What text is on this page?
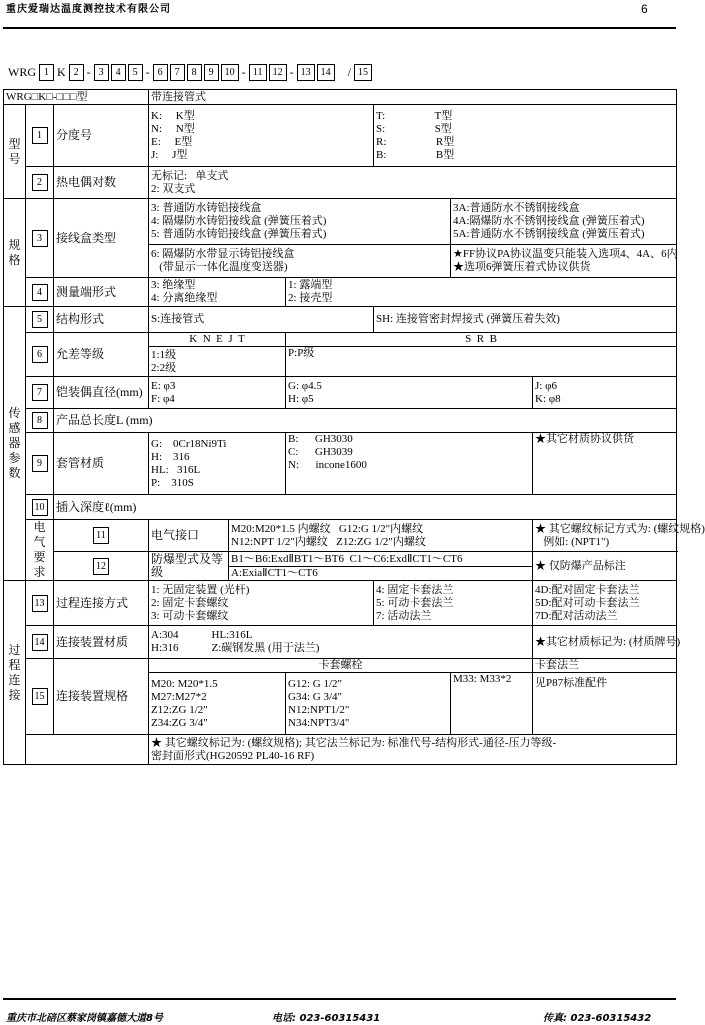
重庆爱瑞达温度测控技术有限公司	6
WRG 1 K 2 - 3	4	5 - 6	7	8	9	10 - 11	12 - 13	14	/ 15
WRG□K□-□□□型			带连接管式					
型
号	1	分度号	K:     K型
N:     N型
E:     E型
J:     J型			T:                  T型
S:                  S型
R:                  R型
B:                  B型		
	2	热电偶对数	无标记:   单支式
2: 双支式					
规
格	3	接线盒类型	3: 普通防水铸铝接线盒
4: 隔爆防水铸铝接线盒 (弹簧压着式)
5: 普通防水铸铝接线盒 (弹簧压着式)				3A:普通防水不锈钢接线盒
4A:隔爆防水不锈钢接线盒 (弹簧压着式)
5A:普通防水不锈钢接线盒 (弹簧压着式)	
			6: 隔爆防水带显示铸铝接线盒
(带显示一体化温度变送器)				★FF协议PA协议温变只能装入选项4、4A、6内
★选项6弹簧压着式协议供货	
	4	测量端形式	3: 绝缘型
4: 分离绝缘型		1: 露端型
2: 接壳型			
传
感
器
参
数	5	结构形式	S:连接管式			SH: 连接管密封焊接式 (弹簧压着失效)		
	6	允差等级	K  N  E  J  T		S  R  B			
			1:1级
2:2级		P:P级			
	7	铠装偶直径(mm)	E: φ3
F: φ4		G: φ4.5
H: φ5			J: φ6
K: φ8
	8	产品总长度L (mm)						
	9	套管材质	G:    0Cr18Ni9Ti
H:    316
HL:   316L
P:    310S		B:      GH3030
C:      GH3039
N:      incone1600			★其它材质协议供货
	10	插入深度ℓ(mm)						
	电
气
要
求	11	电气接口	M20:M20*1.5 内螺纹   G12:G 1/2"内螺纹
N12:NPT 1/2"内螺纹   Z12:ZG 1/2"内螺纹				★ 其它螺纹标记方式为: (螺纹规格)
例如: (NPT1")
		12	防爆型式及等级	B1～B6:ExdⅡBT1～BT6  C1～C6:ExdⅡCT1～CT6				★ 仅防爆产品标注
				A:ExiaⅡCT1～CT6				
过
程
连
接	13	过程连接方式	1: 无固定装置 (光杆)
2: 固定卡套螺纹
3: 可动卡套螺纹			4: 固定卡套法兰
5: 可动卡套法兰
7: 活动法兰		4D:配对固定卡套法兰
5D:配对可动卡套法兰
7D:配对活动法兰
	14	连接装置材质	A:304            HL:316L
H:316            Z:碳钢发黑 (用于法兰)					★其它材质标记为: (材质牌号)
	15	连接装置规格	卡套螺栓					卡套法兰
			M20: M20*1.5
M27:M27*2
Z12:ZG 1/2"
Z34:ZG 3/4"		G12: G 1/2"
G34: G 3/4"
N12:NPT1/2"
N34:NPT3/4"		M33: M33*2	见P87标准配件
			★ 其它螺纹标记为: (螺纹规格); 其它法兰标记为: 标准代号-结构形式-通径-压力等级-
密封面形式(HG20592 PL40-16 RF)					
重庆市北碚区蔡家岗镇嘉德大道8号	电话: 023-60315431	传真: 023-60315432
